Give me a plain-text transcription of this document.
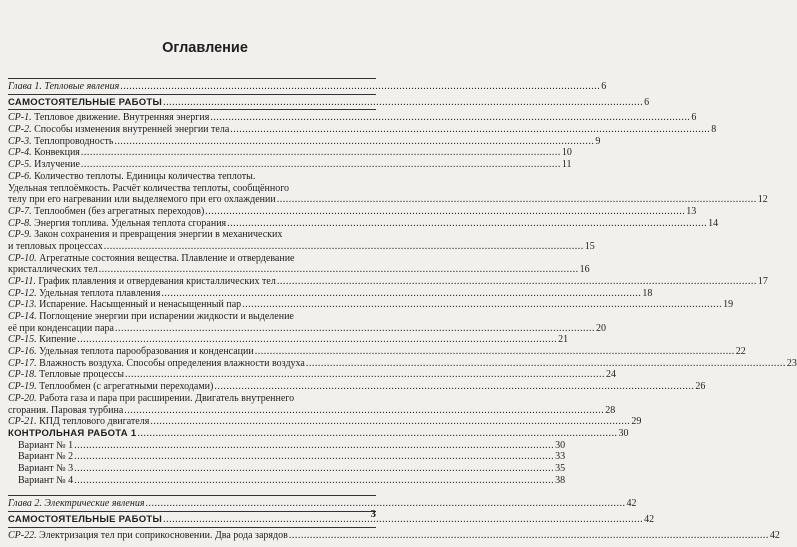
Оглавление
Глава 1. Тепловые явления .....	6
САМОСТОЯТЕЛЬНЫЕ РАБОТЫ .....	6
СР-1. Тепловое движение. Внутренняя энергия .....	6
СР-2. Способы изменения внутренней энергии тела .....	8
СР-3. Теплопроводность .....	9
СР-4. Конвекция .....	10
СР-5. Излучение .....	11
СР-6. Количество теплоты. Единицы количества теплоты.
Удельная теплоёмкость. Расчёт количества теплоты, сообщённого
телу при его нагревании или выделяемого при его охлаждении .....	12
СР-7. Теплообмен (без агрегатных переходов) .....	13
СР-8. Энергия топлива. Удельная теплота сгорания .....	14
СР-9. Закон сохранения и превращения энергии в механических
и тепловых процессах .....	15
СР-10. Агрегатные состояния вещества. Плавление и отвердевание
кристаллических тел .....	16
СР-11. График плавления и отвердевания кристаллических тел .....	17
СР-12. Удельная теплота плавления .....	18
СР-13. Испарение. Насыщенный и ненасыщенный пар .....	19
СР-14. Поглощение энергии при испарении жидкости и выделение
её при конденсации пара .....	20
СР-15. Кипение .....	21
СР-16. Удельная теплота парообразования и конденсации .....	22
СР-17. Влажность воздуха. Способы определения влажности воздуха .....	23
СР-18. Тепловые процессы .....	24
СР-19. Теплообмен (с агрегатными переходами) .....	26
СР-20. Работа газа и пара при расширении. Двигатель внутреннего
сгорания. Паровая турбина .....	28
СР-21. КПД теплового двигателя .....	29
КОНТРОЛЬНАЯ РАБОТА 1 .....	30
Вариант № 1 .....	30
Вариант № 2 .....	33
Вариант № 3 .....	35
Вариант № 4 .....	38
Глава 2. Электрические явления .....	42
САМОСТОЯТЕЛЬНЫЕ РАБОТЫ .....	42
СР-22. Электризация тел при соприкосновении. Два рода зарядов .....	42
3
